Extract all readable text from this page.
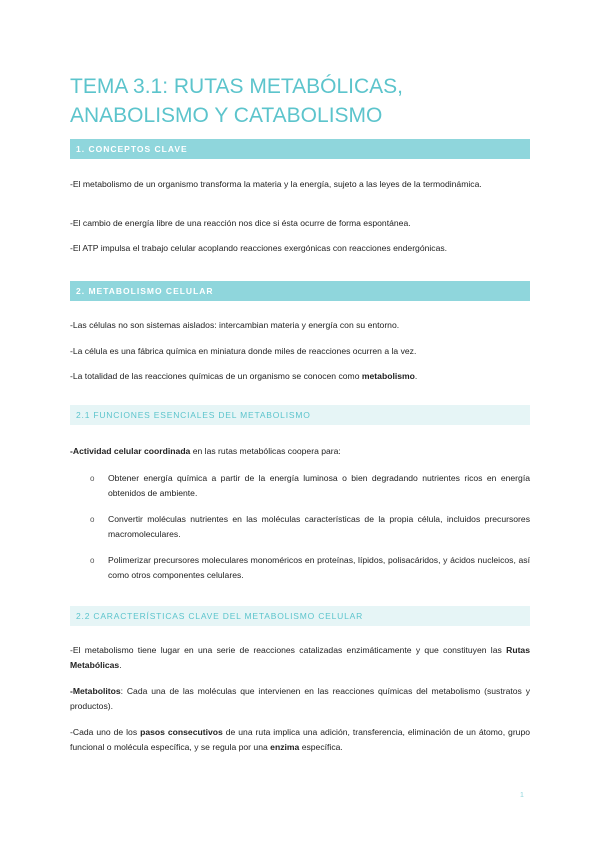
TEMA 3.1: RUTAS METABÓLICAS, ANABOLISMO Y CATABOLISMO
1. CONCEPTOS CLAVE

-El metabolismo de un organismo transforma la materia y la energía, sujeto a las leyes de la termodinámica.

-El cambio de energía libre de una reacción nos dice si ésta ocurre de forma espontánea.

-El ATP impulsa el trabajo celular acoplando reacciones exergónicas con reacciones endergónicas.

2. METABOLISMO CELULAR

-Las células no son sistemas aislados: intercambian materia y energía con su entorno.

-La célula es una fábrica química en miniatura donde miles de reacciones ocurren a la vez.

-La totalidad de las reacciones químicas de un organismo se conocen como metabolismo.

2.1 FUNCIONES ESENCIALES DEL METABOLISMO

-Actividad celular coordinada en las rutas metabólicas coopera para:

o Obtener energía química a partir de la energía luminosa o bien degradando nutrientes ricos en energía obtenidos de ambiente.
o Convertir moléculas nutrientes en las moléculas características de la propia célula, incluidos precursores macromoleculares.
o Polimerizar precursores moleculares monoméricos en proteínas, lípidos, polisacáridos, y ácidos nucleicos, así como otros componentes celulares.
2.2 CARACTERÍSTICAS CLAVE DEL METABOLISMO CELULAR

-El metabolismo tiene lugar en una serie de reacciones catalizadas enzimáticamente y que constituyen las Rutas Metabólicas.

-Metabolitos: Cada una de las moléculas que intervienen en las reacciones químicas del metabolismo (sustratos y productos).

-Cada uno de los pasos consecutivos de una ruta implica una adición, transferencia, eliminación de un átomo, grupo funcional o molécula específica, y se regula por una enzima específica.

1
